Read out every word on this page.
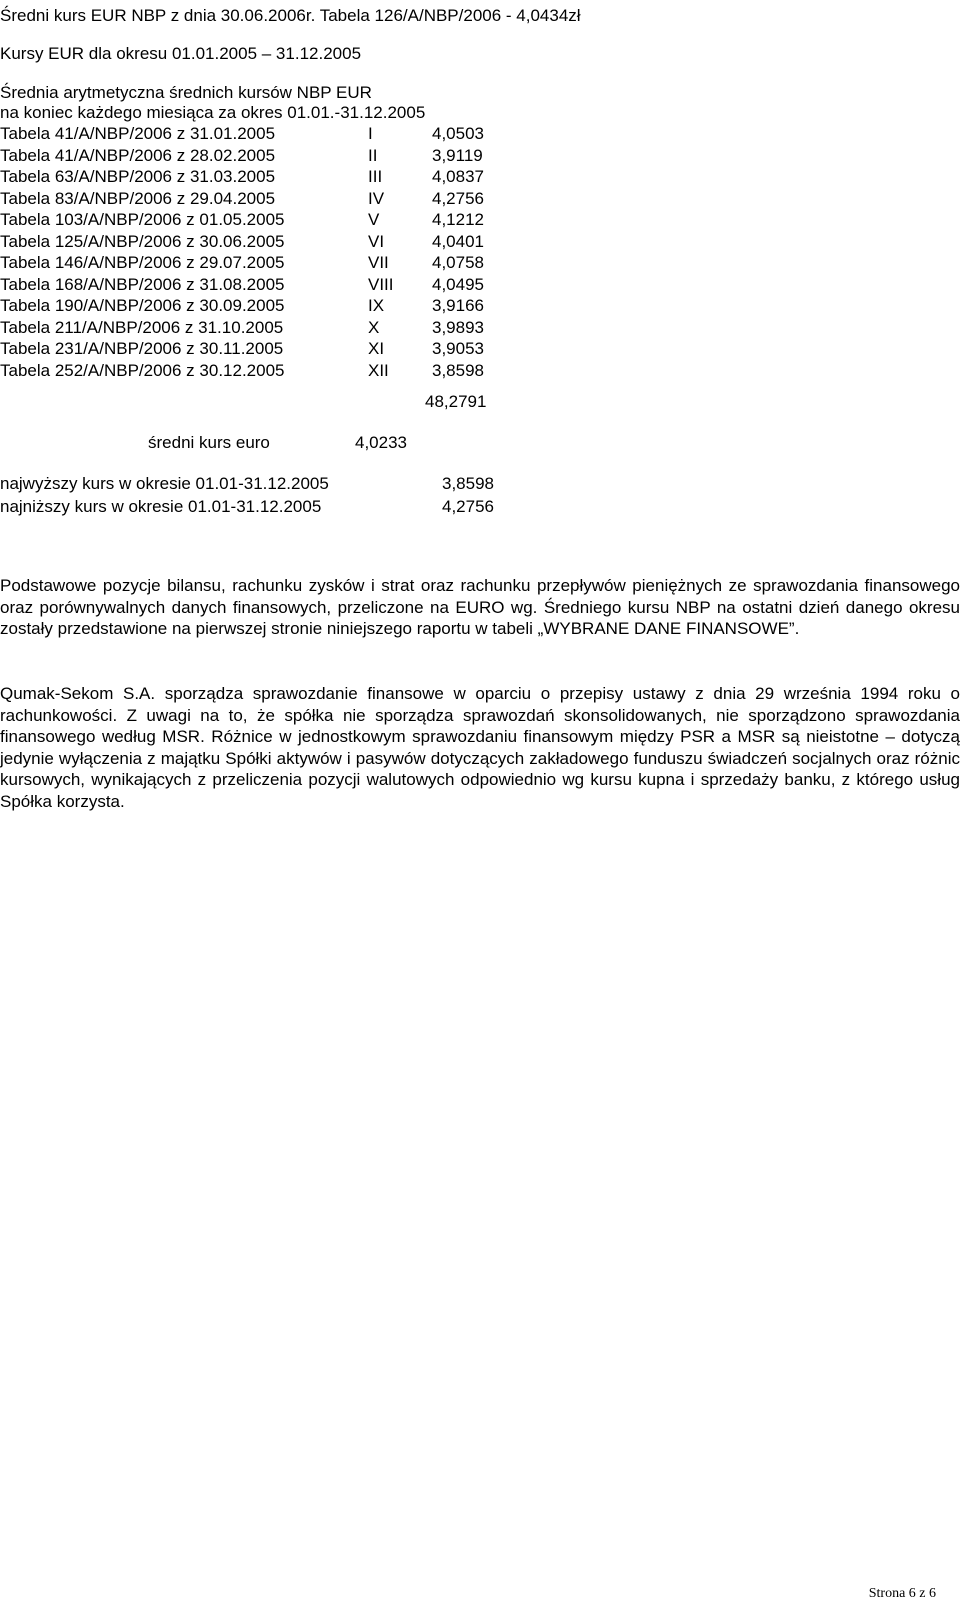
Średni kurs EUR NBP z dnia 30.06.2006r. Tabela 126/A/NBP/2006 - 4,0434zł
Kursy EUR dla okresu 01.01.2005 – 31.12.2005
Średnia arytmetyczna średnich kursów NBP EUR
na koniec każdego miesiąca za okres 01.01.-31.12.2005
Tabela 41/A/NBP/2006 z 31.01.2005	I	4,0503
Tabela 41/A/NBP/2006 z 28.02.2005	II	3,9119
Tabela 63/A/NBP/2006 z 31.03.2005	III	4,0837
Tabela 83/A/NBP/2006 z 29.04.2005	IV	4,2756
Tabela 103/A/NBP/2006 z 01.05.2005	V	4,1212
Tabela 125/A/NBP/2006 z 30.06.2005	VI	4,0401
Tabela 146/A/NBP/2006 z 29.07.2005	VII	4,0758
Tabela 168/A/NBP/2006 z 31.08.2005	VIII 4,0495
Tabela 190/A/NBP/2006 z 30.09.2005	IX	3,9166
Tabela 211/A/NBP/2006 z 31.10.2005	X	3,9893
Tabela 231/A/NBP/2006 z 30.11.2005	XI	3,9053
Tabela 252/A/NBP/2006 z 30.12.2005	XII	3,8598
48,2791
średni kurs euro	4,0233
najwyższy kurs w okresie 01.01-31.12.2005	3,8598
najniższy kurs w okresie 01.01-31.12.2005	4,2756
Podstawowe pozycje bilansu, rachunku zysków i strat oraz rachunku przepływów pieniężnych ze sprawozdania finansowego oraz porównywalnych danych finansowych, przeliczone na EURO wg. Średniego kursu NBP na ostatni dzień danego okresu zostały przedstawione na pierwszej stronie niniejszego raportu w tabeli „WYBRANE DANE FINANSOWE”.
Qumak-Sekom S.A. sporządza sprawozdanie finansowe w oparciu o przepisy ustawy z dnia 29 września 1994 roku o rachunkowości. Z uwagi na to, że spółka nie sporządza sprawozdań skonsolidowanych, nie sporządzono sprawozdania finansowego według MSR. Różnice w jednostkowym sprawozdaniu finansowym między PSR a MSR są nieistotne – dotyczą jedynie wyłączenia z majątku Spółki aktywów i pasywów dotyczących zakładowego funduszu świadczeń socjalnych oraz różnic kursowych, wynikających z przeliczenia pozycji walutowych odpowiednio wg kursu kupna i sprzedaży banku, z którego usług Spółka korzysta.
Strona 6 z 6
